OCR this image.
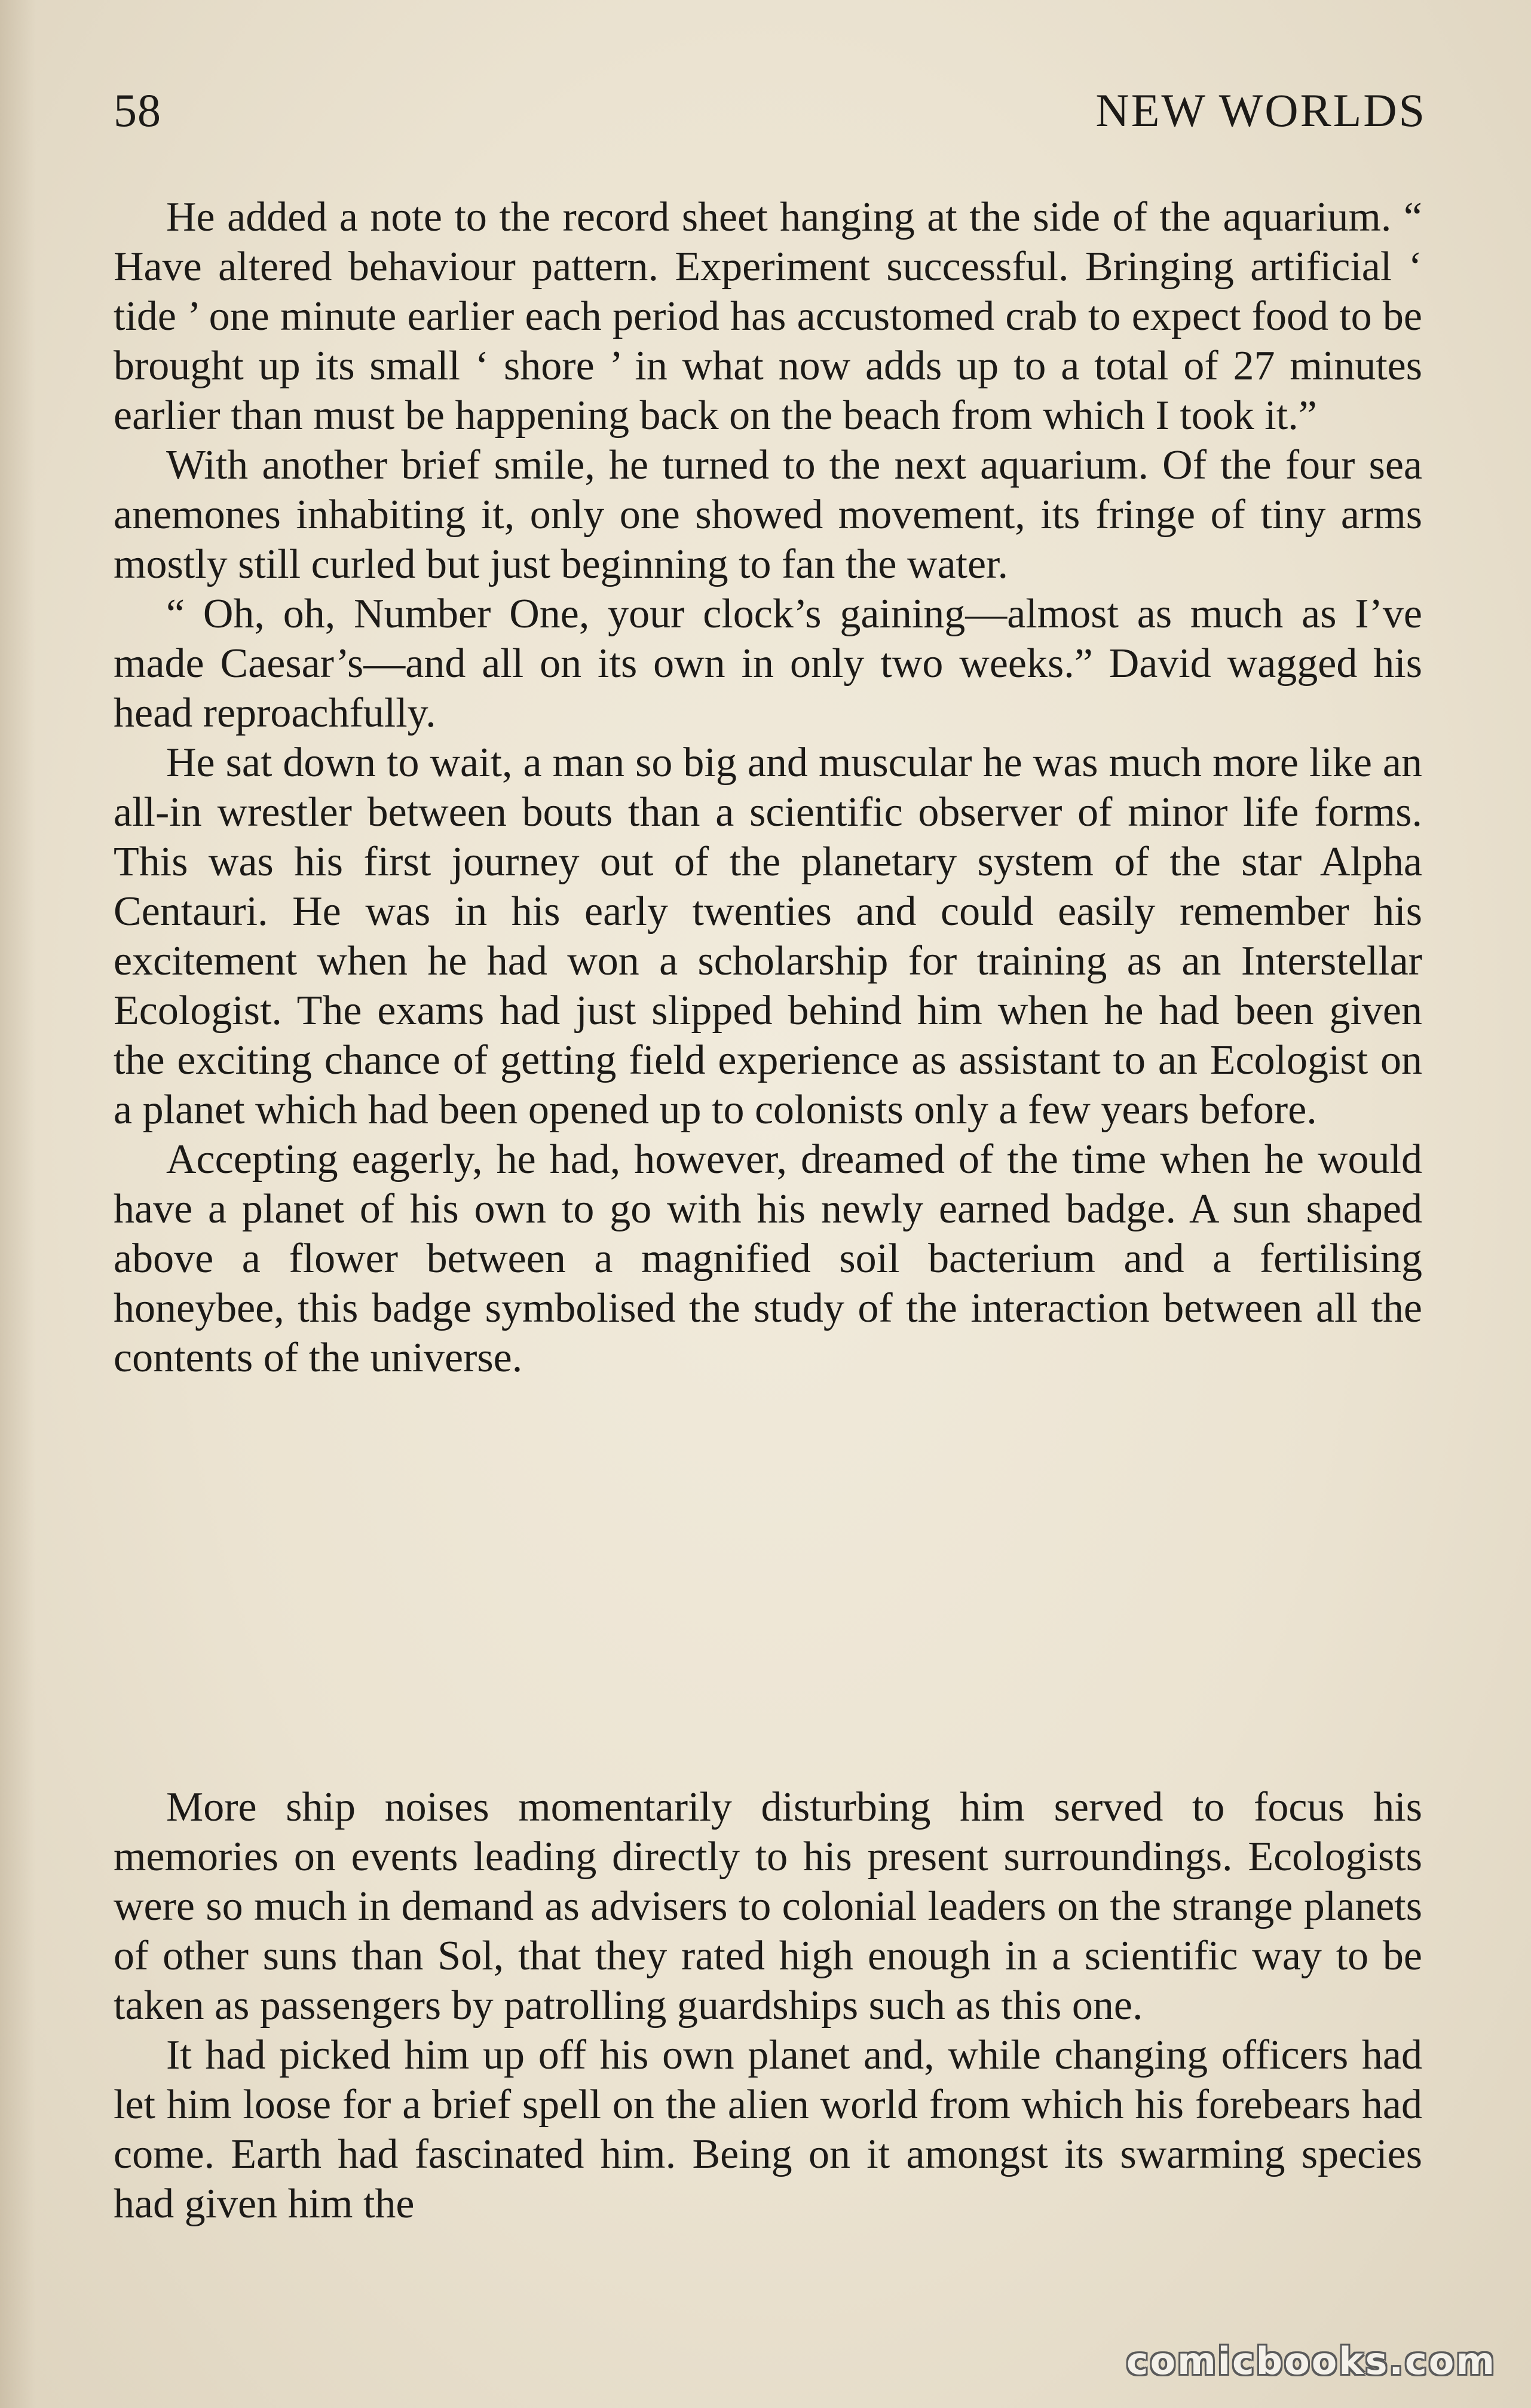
58	NEW WORLDS

He added a note to the record sheet hanging at the side of the aquarium. “ Have altered behaviour pattern. Experiment successful. Bringing artificial ‘ tide ’ one minute earlier each period has accustomed crab to expect food to be brought up its small ‘ shore ’ in what now adds up to a total of 27 minutes earlier than must be happening back on the beach from which I took it.”

With another brief smile, he turned to the next aquarium. Of the four sea anemones inhabiting it, only one showed movement, its fringe of tiny arms mostly still curled but just beginning to fan the water.

“ Oh, oh, Number One, your clock’s gaining—almost as much as I’ve made Caesar’s—and all on its own in only two weeks.” David wagged his head reproachfully.

He sat down to wait, a man so big and muscular he was much more like an all-in wrestler between bouts than a scientific observer of minor life forms. This was his first journey out of the planetary system of the star Alpha Centauri. He was in his early twenties and could easily remember his excitement when he had won a scholarship for training as an Interstellar Ecologist. The exams had just slipped behind him when he had been given the exciting chance of getting field experience as assistant to an Ecologist on a planet which had been opened up to colonists only a few years before.

Accepting eagerly, he had, however, dreamed of the time when he would have a planet of his own to go with his newly earned badge. A sun shaped above a flower between a magnified soil bacterium and a fertilising honeybee, this badge symbolised the study of the interaction between all the contents of the universe.

More ship noises momentarily disturbing him served to focus his memories on events leading directly to his present surroundings. Ecologists were so much in demand as advisers to colonial leaders on the strange planets of other suns than Sol, that they rated high enough in a scientific way to be taken as passengers by patrolling guardships such as this one.

It had picked him up off his own planet and, while changing officers had let him loose for a brief spell on the alien world from which his forebears had come. Earth had fascinated him. Being on it amongst its swarming species had given him the

comicbooks.com
